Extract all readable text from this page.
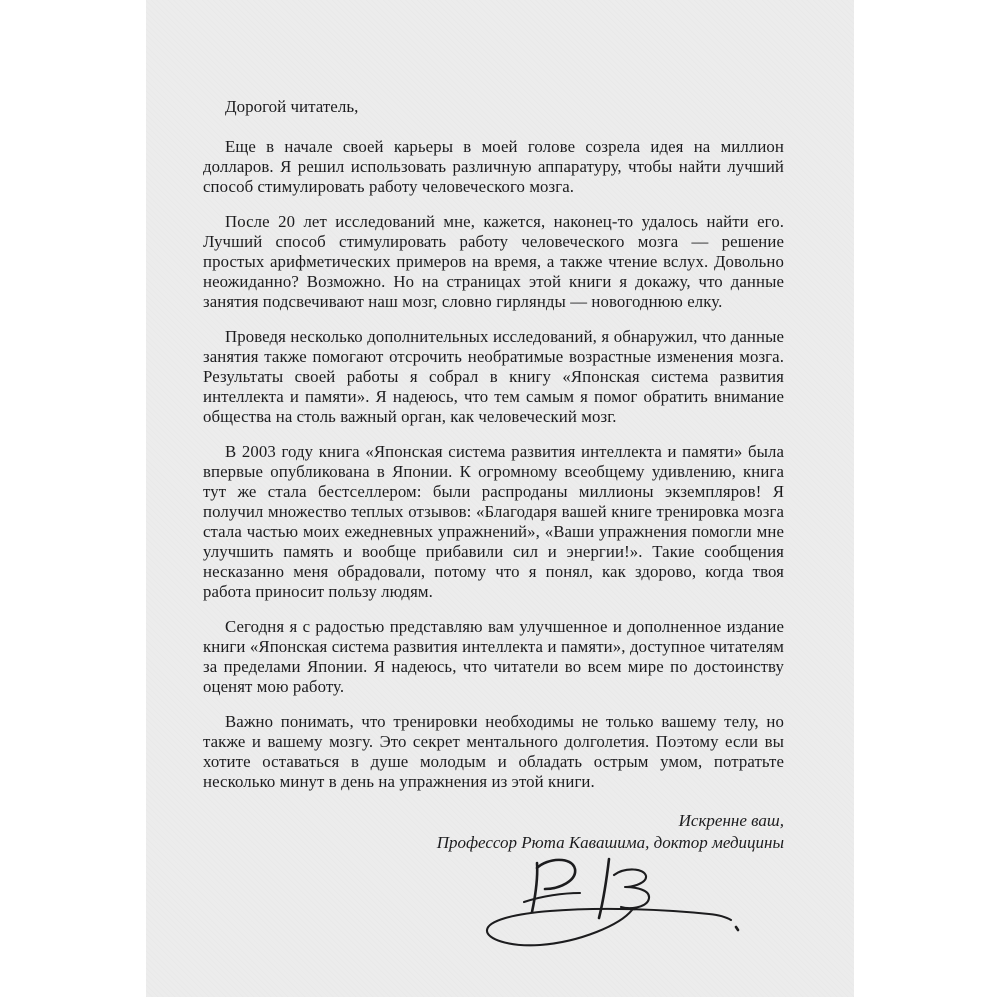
Дорогой читатель,

Еще в начале своей карьеры в моей голове созрела идея на миллион долларов. Я решил использовать различную аппаратуру, чтобы найти лучший способ стимулировать работу человеческого мозга.

После 20 лет исследований мне, кажется, наконец-то удалось найти его. Лучший способ стимулировать работу человеческого мозга — решение простых арифметических примеров на время, а также чтение вслух. Довольно неожиданно? Возможно. Но на страницах этой книги я докажу, что данные занятия подсвечивают наш мозг, словно гирлянды — новогоднюю елку.

Проведя несколько дополнительных исследований, я обнаружил, что данные занятия также помогают отсрочить необратимые возрастные изменения мозга. Результаты своей работы я собрал в книгу «Японская система развития интеллекта и памяти». Я надеюсь, что тем самым я помог обратить внимание общества на столь важный орган, как человеческий мозг.

В 2003 году книга «Японская система развития интеллекта и памяти» была впервые опубликована в Японии. К огромному всеобщему удивлению, книга тут же стала бестселлером: были распроданы миллионы экземпляров! Я получил множество теплых отзывов: «Благодаря вашей книге тренировка мозга стала частью моих ежедневных упражнений», «Ваши упражнения помогли мне улучшить память и вообще прибавили сил и энергии!». Такие сообщения несказанно меня обрадовали, потому что я понял, как здорово, когда твоя работа приносит пользу людям.

Сегодня я с радостью представляю вам улучшенное и дополненное издание книги «Японская система развития интеллекта и памяти», доступное читателям за пределами Японии. Я надеюсь, что читатели во всем мире по достоинству оценят мою работу.

Важно понимать, что тренировки необходимы не только вашему телу, но также и вашему мозгу. Это секрет ментального долголетия. Поэтому если вы хотите оставаться в душе молодым и обладать острым умом, потратьте несколько минут в день на упражнения из этой книги.

Искренне ваш,
Профессор Рюта Кавашима, доктор медицины
